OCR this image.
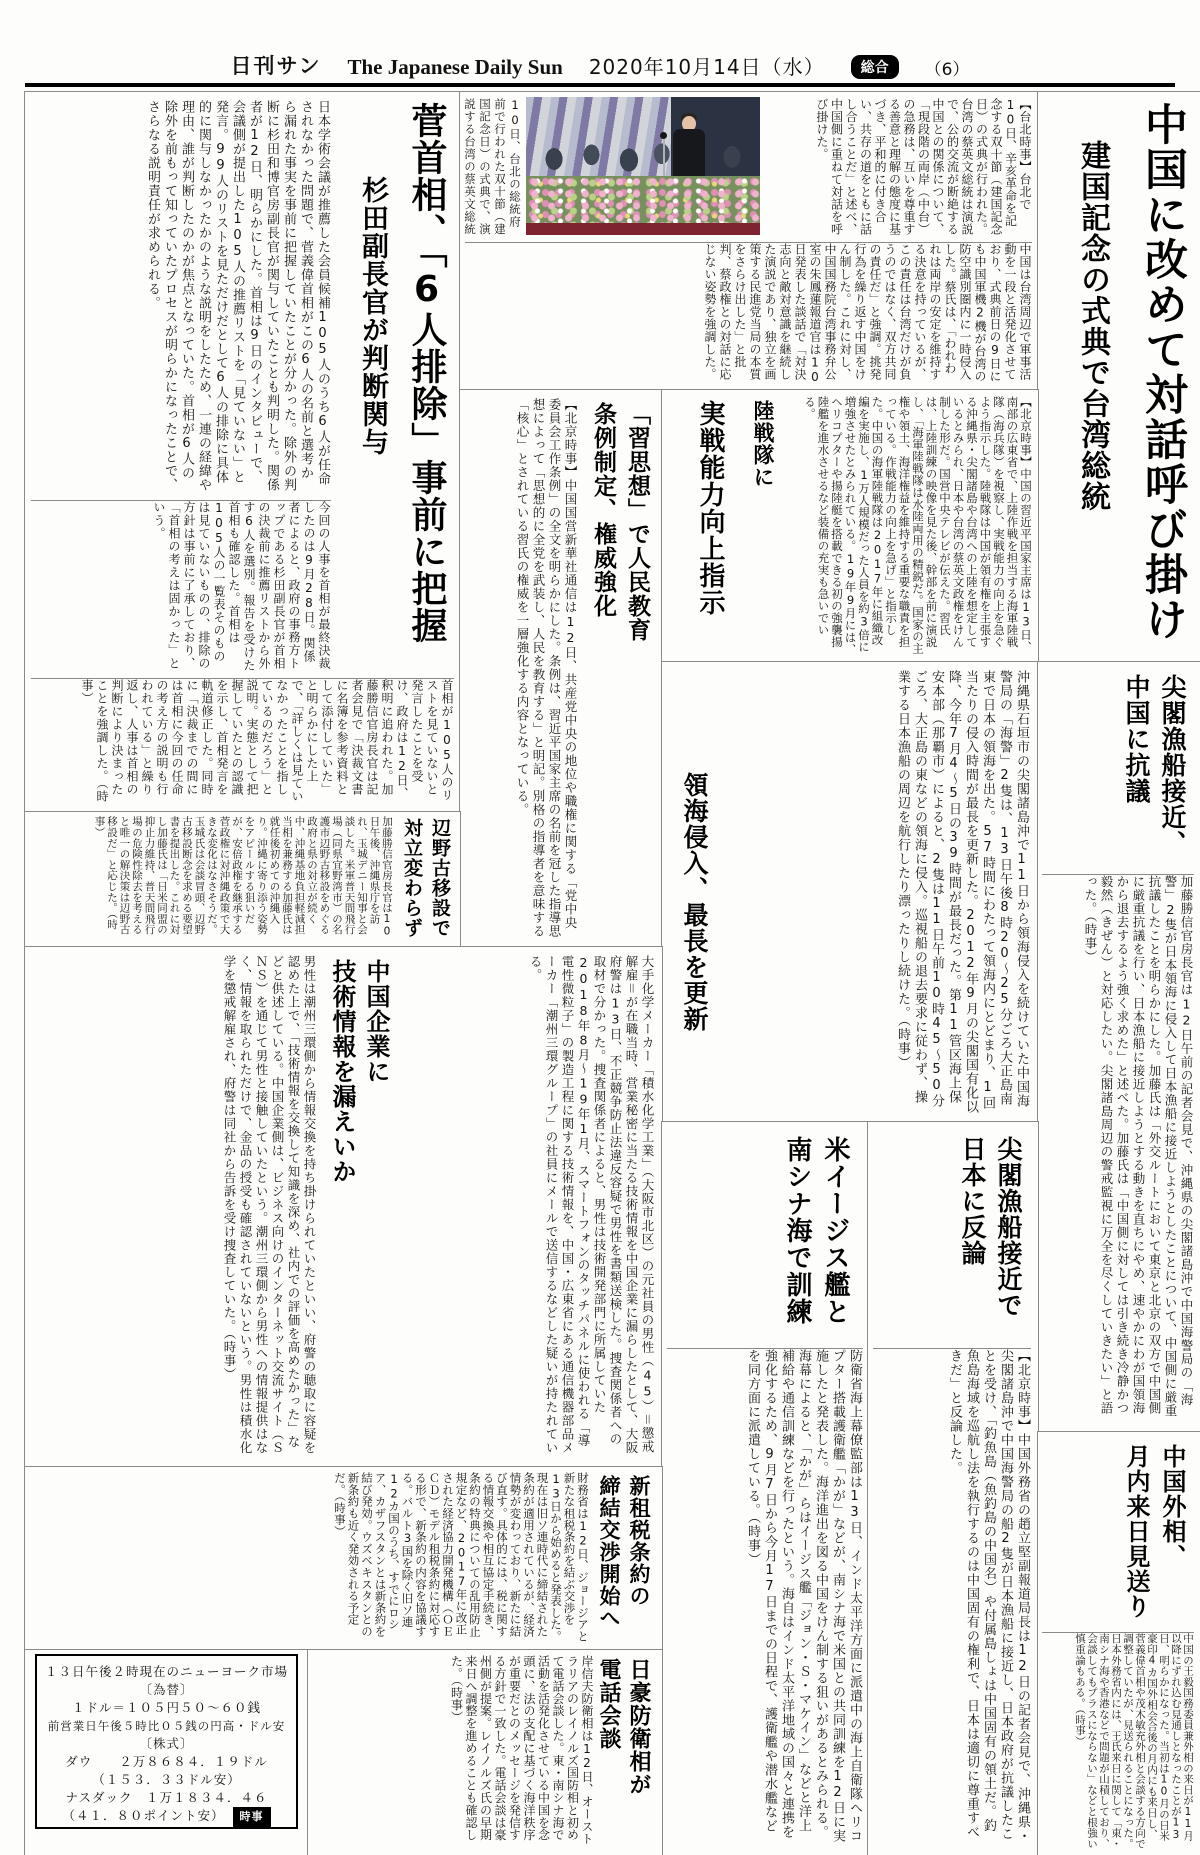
日刊サン The Japanese Daily Sun 2020年10月14日（水）	総合	（6）
菅首相、「6人排除」事前に把握
杉田副長官が判断関与
日本学術会議が推薦した会員候補105人のうち6人が任命されなかった問題で、菅義偉首相がこの6人の名前と選考から漏れた事実を事前に把握していたことが分かった。除外の判断に杉田和博官房副長官が関与していたことも判明した。関係者が12日、明らかにした。首相は9日のインタビューで、会議側が提出した105人の推薦リストを「見ていない」と発言。99人のリストを見ただけだとして6人の排除に具体的に関与しなかったかのような説明をしたため、一連の経緯や理由、誰が判断したのかが焦点となっていた。首相が6人の除外を前もって知っていたプロセスが明らかになったことで、さらなる説明責任が求められる。
今回の人事を首相が最終決裁したのは9月28日。関係者によると、政府の事務方トップである杉田副長官が首相の決裁前に推薦リストから外す6人を選別。報告を受けた首相も確認した。首相は105人の一覧表そのものは見ていないものの、排除の方針は事前に了承しており、「首相の考えは固かった」という。
首相が105人のリストを見ていないと発言したことを受け、政府は12日、釈明に追われた。加藤勝信官房長官は記者会見で「決裁文書に名簿を参考資料として添付していた」と明らかにした上で、「詳しくは見ていなかったことを指しているのだろう」と説明。実態として把握していたとの認識を示し、首相発言を軌道修正した。同時に「決裁までの間には首相に今回の任命の考え方の説明も行われている」と繰り返し、人事は首相の判断により決まったことを強調した。（時事）
10日、台北の総統府前で行われた双十節（建国記念日）の式典で、演説する台湾の蔡英文総統	【台北時事】台北で10日、辛亥革命を記念する双十節（建国記念日）の式典が行われた。台湾の蔡英文総統は演説で、公的交流が断絶する中国との関係について、「現段階の両岸（中台）の急務は、互いを尊重する善意と理解の態度に基づき、平和的に付き合い、共存の道をともに話し合うことだ」と述べ、中国側に重ねて対話を呼び掛けた。
中国は台湾周辺で軍事活動を一段と活発化させており、式典前日の9日にも中国軍機2機が台湾の防空識別圏内に一時侵入した。蔡氏は、「われわれは両岸の安定を維持する決意を持っているが、この責任は台湾だけが負うのではなく、双方共同の責任だ」と強調。挑発行為を繰り返す中国をけん制した。これに対し、中国国務院台湾事務弁公室の朱鳳蓮報道官は10日発表した談話で「対決志向と敵対意識を継続した演説であり、独立を画策する民進党当局の本質をさらけ出した」と批判、蔡政権との対話に応じない姿勢を強調した。	中国に改めて対話呼び掛け
建国記念の式典で台湾総統
「習思想」で人民教育
条例制定、権威強化
【北京時事】中国国営新華社通信は12日、共産党中央の地位や職権に関する「党中央委員会工作条例」の全文を明らかにした。条例は、習近平国家主席の名前を冠した指導思想によって「思想的に全党を武装し、人民を教育する」と明記。別格の指導者を意味する「核心」とされている習氏の権威を一層強化する内容となっている。	陸戦隊に
実戦能力向上指示	【北京時事】中国の習近平国家主席は13日、南部の広東省で、上陸作戦を担当する海軍陸戦隊（海兵隊）を視察し、実戦能力の向上を急ぐよう指示した。陸戦隊は中国が領有権を主張する沖縄県・尖閣諸島や台湾への上陸を想定しているとみられ、日本や台湾の蔡英文政権をけん制した形だ。国営中央テレビが伝えた。習氏は、上陸訓練の映像を見た後、幹部を前に演説し、「海軍陸戦隊は水陸両用の精鋭だ。国家の主権や領土、海洋権益を維持する重要な職責を担っている。作戦能力の向上を急げ」と指示した。中国の海軍陸戦隊は2017年に組織改編を実施し、1万人規模だった人員を約3倍に増強させたとみられている。19年9月には、ヘリコプターや揚陸艇を搭載できる初の強襲揚陸艦を進水させるなど装備の充実も急いでいる。
領海侵入、最長を更新	沖縄県石垣市の尖閣諸島沖で11日から領海侵入を続けていた中国海警局の「海警」2隻は、13日午後8時20～25分ごろ大正島南東で日本の領海を出た。57時間にわたって領海内にとどまり、1回当たりの侵入時間が最長を更新した。2012年9月の尖閣国有化以降、今年7月4～5日の39時間が最長だった。第11管区海上保安本部（那覇市）によると、2隻は11日午前10時45～50分ごろ、大正島の東などの領海に侵入。巡視船の退去要求に従わず、操業する日本漁船の周辺を航行したり漂ったりし続けた。（時事）	尖閣漁船接近、
中国に抗議
加藤勝信官房長官は12日午前の記者会見で、沖縄県の尖閣諸島沖で中国海警局の「海警」2隻が日本領海に侵入して日本漁船に接近しようとしたことについて、中国側に厳重抗議したことを明らかにした。加藤氏は「外交ルートにおいて東京と北京の双方で中国側に厳重抗議を行い、日本漁船に接近しようとする動きを直ちにやめ、速やかにわが国領海から退去するよう強く求めた」と述べた。加藤氏は「中国側に対しては引き続き冷静かつ毅然（きぜん）と対応したい。尖閣諸島周辺の警戒監視に万全を尽くしていきたい」と語った。（時事）
辺野古移設で
対立変わらず
加藤勝信官房長官は10日午後、沖縄県庁を訪れ、玉城デニー知事と会談した。米軍普天間飛行場（同県宜野湾市）の名護市辺野古移設をめぐる政府と県の対立が続く中、沖縄基地負担軽減担当相を兼務する加藤氏は就任後初めての沖縄入り。沖縄に寄り添う姿勢をアピールする狙いだが、安倍政権を継承する菅政権に対沖縄政策で大きな変化はなさそうだ。玉城氏は会談冒頭、辺野古移設断念を求める要望書を提出した。これに対し加藤氏は「日米同盟の抑止力維持、普天間飛行場の危険性除去を考えると唯一の解決策は辺野古移設だ」と応じた。（時事）
中国企業に
技術情報を漏えいか	大手化学メーカー「積水化学工業」（大阪市北区）の元社員の男性（45）＝懲戒解雇＝が在職当時、営業秘密に当たる技術情報を中国企業に漏らしたとして、大阪府警は13日、不正競争防止法違反容疑で男性を書類送検した。捜査関係者への取材で分かった。捜査関係者によると、男性は技術開発部門に所属していた2018年8月～19年1月、スマートフォンのタッチパネルに使われる「導電性微粒子」の製造工程に関する技術情報を、中国・広東省にある通信機器部品メーカー「潮州三環グループ」の社員にメールで送信するなどした疑いが持たれている。
男性は潮州三環側から情報交換を持ち掛けられていたといい、府警の聴取に容疑を認めた上で、「技術情報を交換して知識を深め、社内での評価を高めたかった」などと供述している。中国企業側は、ビジネス向けのインターネット交流サイト（ＳＮＳ）を通じて男性と接触していたという。潮州三環側から男性への情報提供はなく、情報を取られただけで、金品の授受も確認されていないという。男性は積水化学を懲戒解雇され、府警は同社から告訴を受け捜査していた。（時事）	米イージス艦と
南シナ海で訓練
防衛省海上幕僚監部は13日、インド太平洋方面に派遣中の海上自衛隊ヘリコプター搭載護衛艦「かが」などが、南シナ海で米国との共同訓練を12日に実施したと発表した。海洋進出を図る中国をけん制する狙いがあるとみられる。海幕によると、「かが」らはイージス艦「ジョン・Ｓ・マケイン」などと洋上補給や通信訓練などを行ったという。海自はインド太平洋地域の国々と連携を強化するため、9月7日から今月17日までの日程で、護衛艦や潜水艦などを同方面に派遣している。（時事）
尖閣漁船接近で
日本に反論
【北京時事】中国外務省の趙立堅副報道局長は12日の記者会見で、沖縄県・尖閣諸島沖で中国海警局の船2隻が日本漁船に接近し、日本政府が抗議したことを受け、「釣魚島（魚釣島の中国名）や付属島しょは中国固有の領土だ。釣魚島海域を巡航し法を執行するのは中国固有の権利で、日本は適切に尊重すべきだ」と反論した。
中国外相、
月内来日見送り
中国の王毅国務委員兼外相の来日が11月以降にずれ込む見通しとなったことが13日、明らかになった。当初は10月の日米豪印4カ国外相会合後の月内にも来日し、菅義偉首相や茂木敏充外相と会談する方向で調整していたが、見送られることになった。日本外務省内には、王氏来日に関して「東・南シナ海や香港などで問題が山積しており、会談してもプラスにならない」などと根強い慎重論もある。（時事）
新租税条約の
締結交渉開始へ
財務省は12日、ジョージアと新たな租税条約を結ぶ交渉を13日から始めると発表した。現在は旧ソ連時代に締結された条約が適用されているが、経済情勢が変わっており、新たに結び直す。具体的には、税に関する情報交換や相互協定手続き、条約の特典についての乱用防止規定など、2017年に改正された経済協力開発機構（ＯＥＣＤ）モデル租税条約に対応する形で、新条約の内容を協議する。バルト3国を除く旧ソ連12カ国のうち、すでにロシア、カザフスタンとは新条約を結び発効。ウズベキスタンとの新条約も近く発効される予定だ。（時事）
１３日午後２時現在のニューヨーク市場
〔為替〕
１ドル＝１０５円５０～６０銭
前営業日午後５時比０５銭の円高・ドル安
〔株式〕
ダウ　　２万８６８４．１９ドル
（１５３．３３ドル安）
ナスダック　１万１８３４．４６
（４１．８０ポイント安） 時事
日豪防衛相が
電話会談
岸信夫防衛相は12日、オーストラリアのレイノルズ国防相と初めて電話会談した。東・南シナ海で活動を活発化させている中国を念頭に、法の支配に基づく海洋秩序が重要だとのメッセージを発信する方針で一致した。電話会談は豪州側が提案。レイノルズ氏の早期来日へ調整を進めることも確認した。（時事）
